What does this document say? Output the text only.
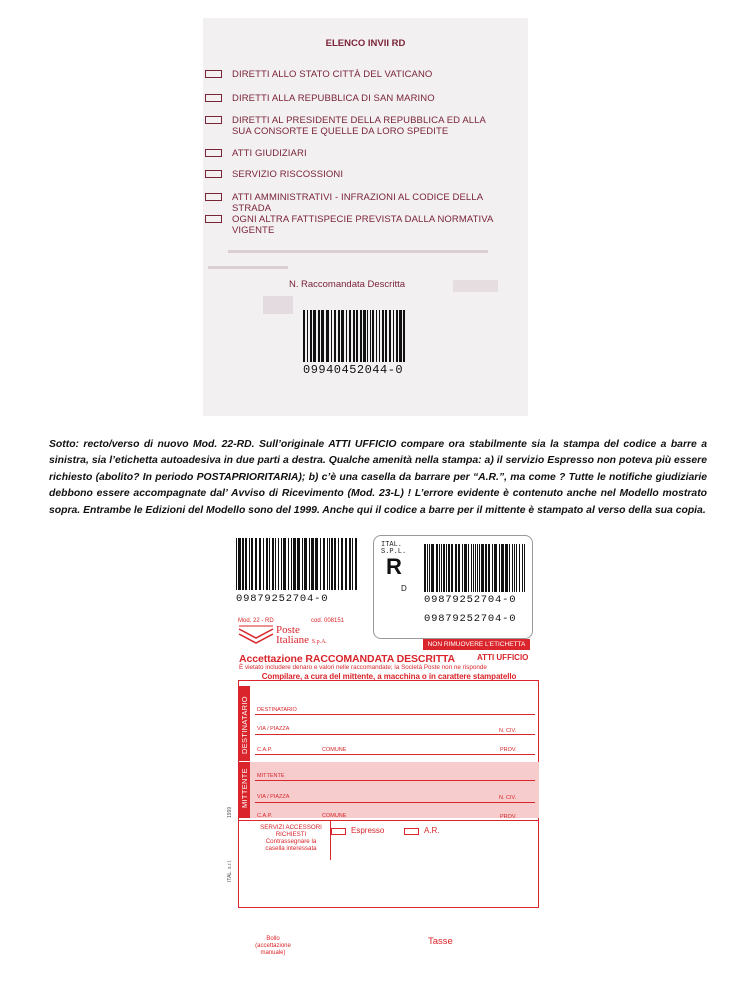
ELENCO INVII RD
DIRETTI ALLO STATO CITTÀ DEL VATICANO
DIRETTI ALLA REPUBBLICA DI SAN MARINO
DIRETTI AL PRESIDENTE DELLA REPUBBLICA ED ALLA SUA CONSORTE E QUELLE DA LORO SPEDITE
ATTI GIUDIZIARI
SERVIZIO RISCOSSIONI
ATTI AMMINISTRATIVI - INFRAZIONI AL CODICE DELLA STRADA
OGNI ALTRA FATTISPECIE PREVISTA DALLA NORMATIVA VIGENTE
N. Raccomandata Descritta
09940452044-0
Sotto: recto/verso di nuovo Mod. 22-RD. Sull’originale ATTI UFFICIO compare ora stabilmente sia la stampa del codice a barre a sinistra, sia l’etichetta autoadesiva in due parti a destra. Qualche amenità nella stampa: a) il servizio Espresso non poteva più essere richiesto (abolito? In periodo POSTAPRIORITARIA); b) c’è una casella da barrare per “A.R.”, ma come ? Tutte le notifiche giudiziarie debbono essere accompagnate dal’ Avviso di Ricevimento (Mod. 23-L) ! L’errore evidente è contenuto anche nel Modello mostrato sopra. Entrambe le Edizioni del Modello sono del 1999. Anche qui il codice a barre per il mittente è stampato al verso della sua copia.
09879252704-0
ITAL.
S.P.L.
R
D
09879252704-0
09879252704-0
Mod. 22 - RD	cod. 008151
Poste
Italiane S.p.A.	NON RIMUOVERE L’ETICHETTA
Accettazione RACCOMANDATA DESCRITTA	ATTI UFFICIO
È vietato includere denaro e valori nelle raccomandate; la Società Poste non ne risponde
Compilare, a cura del mittente, a macchina o in carattere stampatello
DESTINATARIO DESTINATARIO
VIA / PIAZZA	N. CIV.
C.A.P.	COMUNE	PROV.
MITTENTE MITTENTE
VIA / PIAZZA	N. CIV.
C.A.P.	COMUNE	PROV.
SERVIZI ACCESSORI
RICHIESTI
Contrassegnare la
casella interessata
Espresso	A.R.
1999
ITAL. s.r.l.
Bollo
(accettazione manuale)
Tasse
